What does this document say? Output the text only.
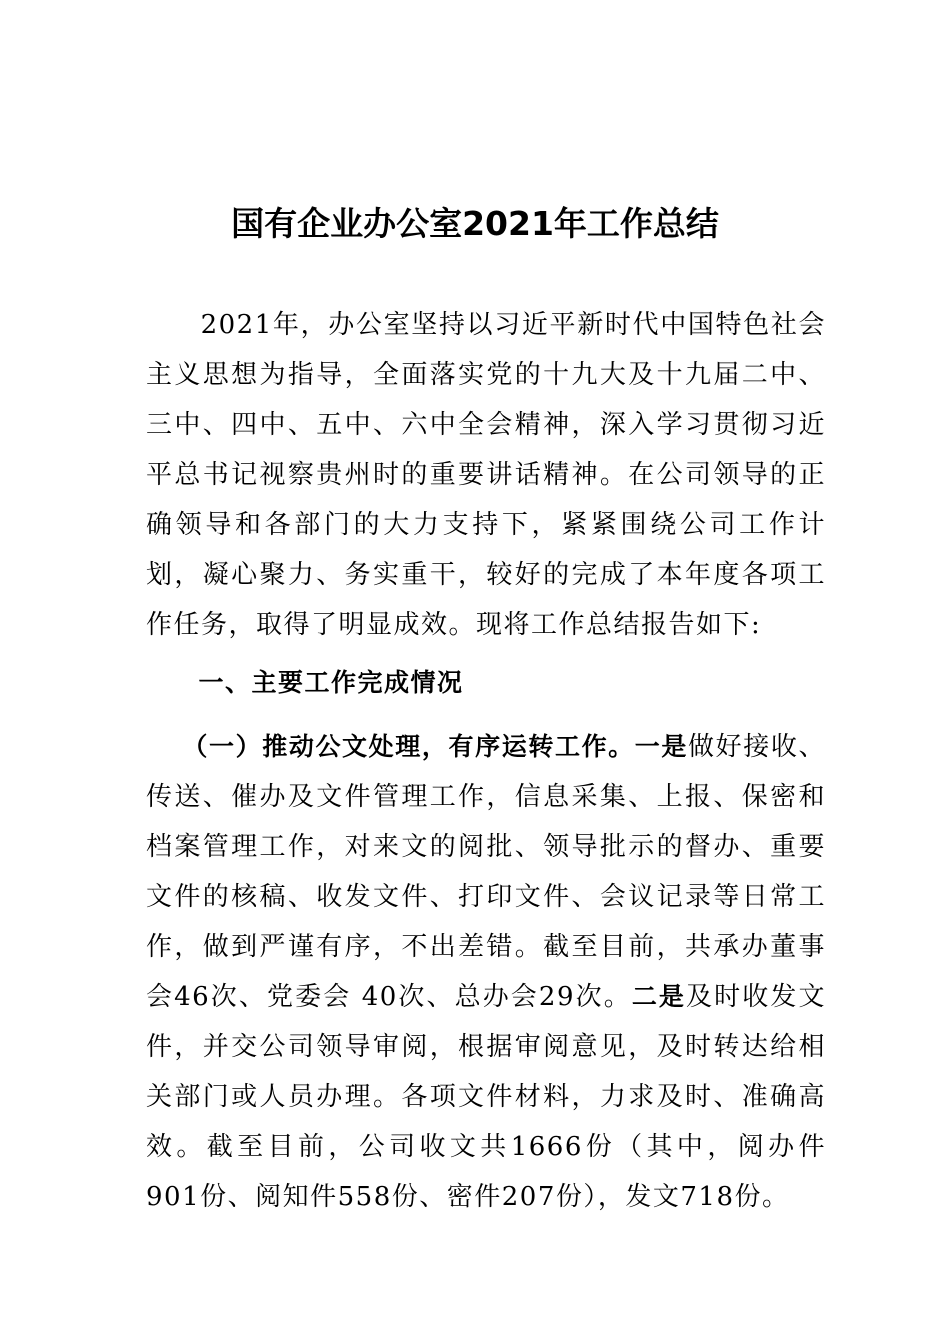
国有企业办公室2021年工作总结

2021年，办公室坚持以习近平新时代中国特色社会主义思想为指导，全面落实党的十九大及十九届二中、三中、四中、五中、六中全会精神，深入学习贯彻习近平总书记视察贵州时的重要讲话精神。在公司领导的正确领导和各部门的大力支持下，紧紧围绕公司工作计划，凝心聚力、务实重干，较好的完成了本年度各项工作任务，取得了明显成效。现将工作总结报告如下:

一、主要工作完成情况

（一）推动公文处理，有序运转工作。一是做好接收、传送、催办及文件管理工作，信息采集、上报、保密和档案管理工作，对来文的阅批、领导批示的督办、重要文件的核稿、收发文件、打印文件、会议记录等日常工作，做到严谨有序，不出差错。截至目前，共承办董事会46次、党委会 40次、总办会29次。二是及时收发文件，并交公司领导审阅，根据审阅意见，及时转达给相关部门或人员办理。各项文件材料，力求及时、准确高效。截至目前，公司收文共1666份（其中，阅办件 901份、阅知件558份、密件207份），发文718份。
